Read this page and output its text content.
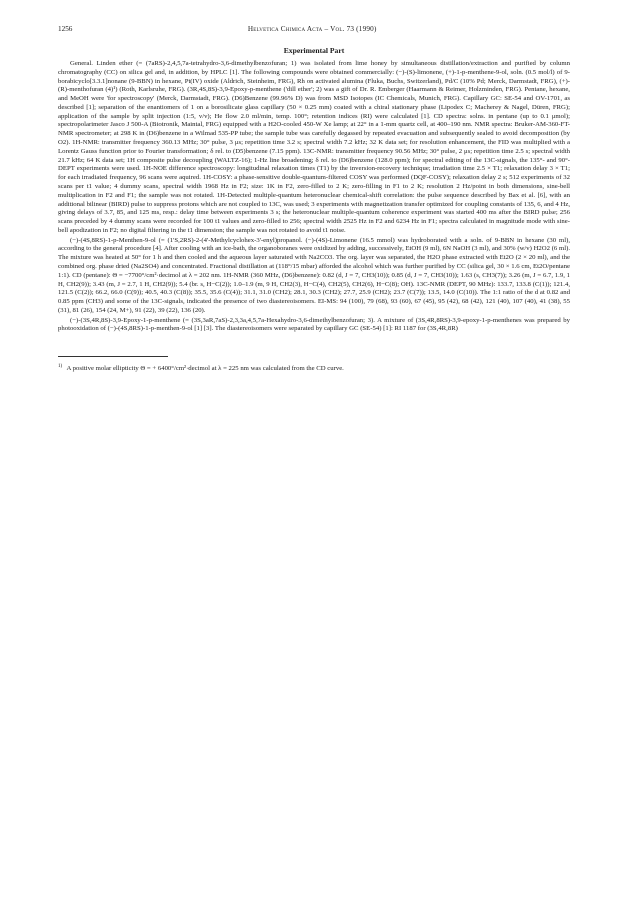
1256	Helvetica Chimica Acta – Vol. 73 (1990)
Experimental Part

General. Linden ether (= (7aRS)-2,4,5,7a-tetrahydro-3,6-dimethylbenzofuran; 1) was isolated from lime honey by simultaneous distillation/extraction and purified by column chromatography (CC) on silica gel and, in addition, by HPLC [1]. The following compounds were obtained commercially: (−)-(S)-limonene, (+)-1-p-menthene-9-ol, soln. (0.5 mol/l) of 9-borabicyclo[3.3.1]nonane (9-BBN) in hexane, Pt(IV) oxide (Aldrich, Steinheim, FRG), Rh on activated alumina (Fluka, Buchs, Switzerland), Pd/C (10% Pd; Merck, Darmstadt, FRG), (+)-(R)-menthofuran (4)¹) (Roth, Karlsruhe, FRG). (3R,4S,8S)-3,9-Epoxy-p-menthene ('dill ether'; 2) was a gift of Dr. R. Emberger (Haarmann & Reimer, Holzminden, FRG). Pentane, hexane, and MeOH were 'for spectroscopy' (Merck, Darmstadt, FRG). (D6)Benzene (99.96% D) was from MSD Isotopes (IC Chemicals, Munich, FRG). Capillary GC: SE-54 and OV-1701, as described [1]; separation of the enantiomers of 1 on a borosilicate glass capillary (50 × 0.25 mm) coated with a chiral stationary phase (Lipodex C; Macherey & Nagel, Düren, FRG); application of the sample by split injection (1:5, v/v); He flow 2.0 ml/min, temp. 100°; retention indices (RI) were calculated [1]. CD spectra: solns. in pentane (up to 0.1 μmol); spectropolarimeter Jasco J 500-A (Biotronik, Maintal, FRG) equipped with a H2O-cooled 450-W Xe lamp; at 22° in a 1-mm quartz cell, at 400–190 nm. NMR spectra: Bruker-AM-360-FT-NMR spectrometer; at 298 K in (D6)benzene in a Wilmad 535-PP tube; the sample tube was carefully degassed by repeated evacuation and subsequently sealed to avoid decomposition (by O2). 1H-NMR: transmitter frequency 360.13 MHz; 30° pulse, 3 μs; repetition time 3.2 s; spectral width 7.2 kHz; 32 K data set; for resolution enhancement, the FID was multiplied with a Lorentz Gauss function prior to Fourier transformation; δ rel. to (D5)benzene (7.15 ppm). 13C-NMR: transmitter frequency 90.56 MHz; 30° pulse, 2 μs; repetition time 2.5 s; spectral width 21.7 kHz; 64 K data set; 1H composite pulse decoupling (WALTZ-16); 1-Hz line broadening; δ rel. to (D6)benzene (128.0 ppm); for spectral editing of the 13C-signals, the 135°- and 90°-DEPT experiments were used. 1H-NOE difference spectroscopy: longitudinal relaxation times (T1) by the inversion-recovery technique; irradiation time 2.5 × T1; relaxation delay 3 × T1; for each irradiated frequency, 96 scans were aquired. 1H-COSY: a phase-sensitive double-quantum-filtered COSY was performed (DQF-COSY); relaxation delay 2 s; 512 experiments of 32 scans per t1 value; 4 dummy scans, spectral width 1968 Hz in F2; size: 1K in F2, zero-filled to 2 K; zero-filling in F1 to 2 K; resolution 2 Hz/point in both dimensions, sine-bell multiplication in F2 and F1; the sample was not rotated. 1H-Detected multiple-quantum heteronuclear chemical-shift correlation: the pulse sequence described by Bax et al. [6], with an additional bilinear (BIRD) pulse to suppress protons which are not coupled to 13C, was used; 3 experiments with magnetization transfer optimized for coupling constants of 135, 6, and 4 Hz, giving delays of 3.7, 85, and 125 ms, resp.: delay time between experiments 3 s; the heteronuclear multiple-quantum coherence experiment was started 400 ms after the BIRD pulse; 256 scans preceded by 4 dummy scans were recorded for 100 t1 values and zero-filled to 256; spectral width 2525 Hz in F2 and 6234 Hz in F1; spectra calculated in magnitude mode with sine-bell apodization in F2; no digital filtering in the t1 dimension; the sample was not rotated to avoid t1 noise.

(−)-(4S,8RS)-1-p-Menthen-9-ol (= (1'S,2RS)-2-(4'-Methylcyclohex-3'-enyl)propanol. (−)-(4S)-Limonene (16.5 mmol) was hydroborated with a soln. of 9-BBN in hexane (30 ml), according to the general procedure [4]. After cooling with an ice-bath, the organoboranes were oxidized by adding, successively, EtOH (9 ml), 6N NaOH (3 ml), and 30% (w/v) H2O2 (6 ml). The mixture was heated at 50° for 1 h and then cooled and the aqueous layer saturated with Na2CO3. The org. layer was separated, the H2O phase extracted with Et2O (2 × 20 ml), and the combined org. phase dried (Na2SO4) and concentrated. Fractional distillation at (118°/15 mbar) afforded the alcohol which was further purified by CC (silica gel, 30 × 1.6 cm, Et2O/pentane 1:1). CD (pentane): Θ = −7700°/cm²·decimol at λ = 202 nm. 1H-NMR (360 MHz, (D6)benzene): 0.82 (d, J = 7, CH3(10)); 0.85 (d, J = 7, CH3(10)); 1.63 (s, CH3(7)); 3.26 (m, J = 6.7, 1.9, 1 H, CH2(9)); 3.43 (m, J = 2.7, 1 H, CH2(9)); 5.4 (br. s, H−C(2)); 1.0–1.9 (m, 9 H, CH2(3), H−C(4), CH2(5), CH2(6), H−C(8); OH). 13C-NMR (DEPT, 90 MHz): 133.7, 133.8 (C(1)); 121.4, 121.5 (C(2)); 66.2, 66.0 (C(9)); 40.5, 40.3 (C(8)); 35.5, 35.6 (C(4)); 31.1, 31.0 (CH2); 28.1, 30.3 (CH2); 27.7, 25.9 (CH2); 23.7 (C(7)); 13.5, 14.0 (C(10)). The 1:1 ratio of the d at 0.82 and 0.85 ppm (CH3) and some of the 13C-signals, indicated the presence of two diastereoisomers. EI-MS: 94 (100), 79 (68), 93 (60), 67 (45), 95 (42), 68 (42), 121 (40), 107 (40), 41 (38), 55 (31), 81 (26), 154 (24, M+), 91 (22), 39 (22), 136 (20).

(−)-(3S,4R,8S)-3,9-Epoxy-1-p-menthene (= (3S,3aR,7aS)-2,3,3a,4,5,7a-Hexahydro-3,6-dimethylbenzofuran; 3). A mixture of (3S,4R,8RS)-3,9-epoxy-1-p-menthenes was prepared by photooxidation of (−)-(4S,8RS)-1-p-menthen-9-ol [1] [3]. The diastereoisomers were separated by capillary GC (SE-54) [1]: RI 1187 for (3S,4R,8R)

$^{1)}$ A positive molar ellipticity Θ = + 6400°/cm²·decimol at λ = 225 nm was calculated from the CD curve.
